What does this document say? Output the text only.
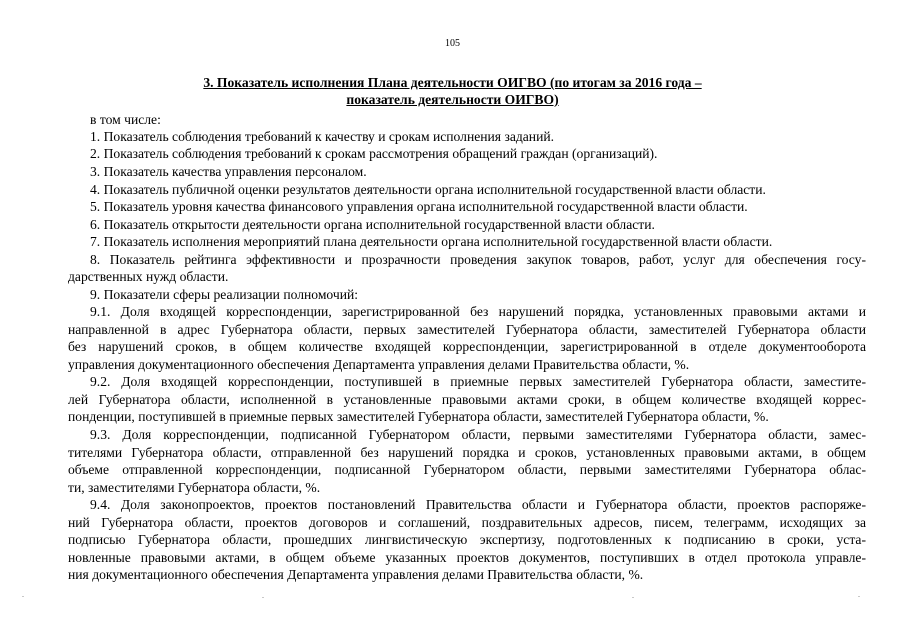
105
3. Показатель исполнения Плана деятельности ОИГВО (по итогам за 2016 года –
показатель деятельности ОИГВО)
в том числе:
1. Показатель соблюдения требований к качеству и срокам исполнения заданий.
2. Показатель соблюдения требований к срокам рассмотрения обращений граждан (организаций).
3. Показатель качества управления персоналом.
4. Показатель публичной оценки результатов деятельности органа исполнительной государственной власти области.
5. Показатель уровня качества финансового управления органа исполнительной государственной власти области.
6. Показатель открытости деятельности органа исполнительной государственной власти области.
7. Показатель исполнения мероприятий плана деятельности органа исполнительной государственной власти области.
8. Показатель рейтинга эффективности и прозрачности проведения закупок товаров, работ, услуг для обеспечения госу-
дарственных нужд области.
9. Показатели сферы реализации полномочий:
9.1. Доля входящей корреспонденции, зарегистрированной без нарушений порядка, установленных правовыми актами и
направленной в адрес Губернатора области, первых заместителей Губернатора области, заместителей Губернатора области
без нарушений сроков, в общем количестве входящей корреспонденции, зарегистрированной в отделе документооборота
управления документационного обеспечения Департамента управления делами Правительства области, %.
9.2. Доля входящей корреспонденции, поступившей в приемные первых заместителей Губернатора области, заместите-
лей Губернатора области, исполненной в установленные правовыми актами сроки, в общем количестве входящей коррес-
понденции, поступившей в приемные первых заместителей Губернатора области, заместителей Губернатора области, %.
9.3. Доля корреспонденции, подписанной Губернатором области, первыми заместителями Губернатора области, замес-
тителями Губернатора области, отправленной без нарушений порядка и сроков, установленных правовыми актами, в общем
объеме отправленной корреспонденции, подписанной Губернатором области, первыми заместителями Губернатора облас-
ти, заместителями Губернатора области, %.
9.4. Доля законопроектов, проектов постановлений Правительства области и Губернатора области, проектов распоряже-
ний Губернатора области, проектов договоров и соглашений, поздравительных адресов, писем, телеграмм, исходящих за
подписью Губернатора области, прошедших лингвистическую экспертизу, подготовленных к подписанию в сроки, уста-
новленные правовыми актами, в общем объеме указанных проектов документов, поступивших в отдел протокола управле-
ния документационного обеспечения Департамента управления делами Правительства области, %.
